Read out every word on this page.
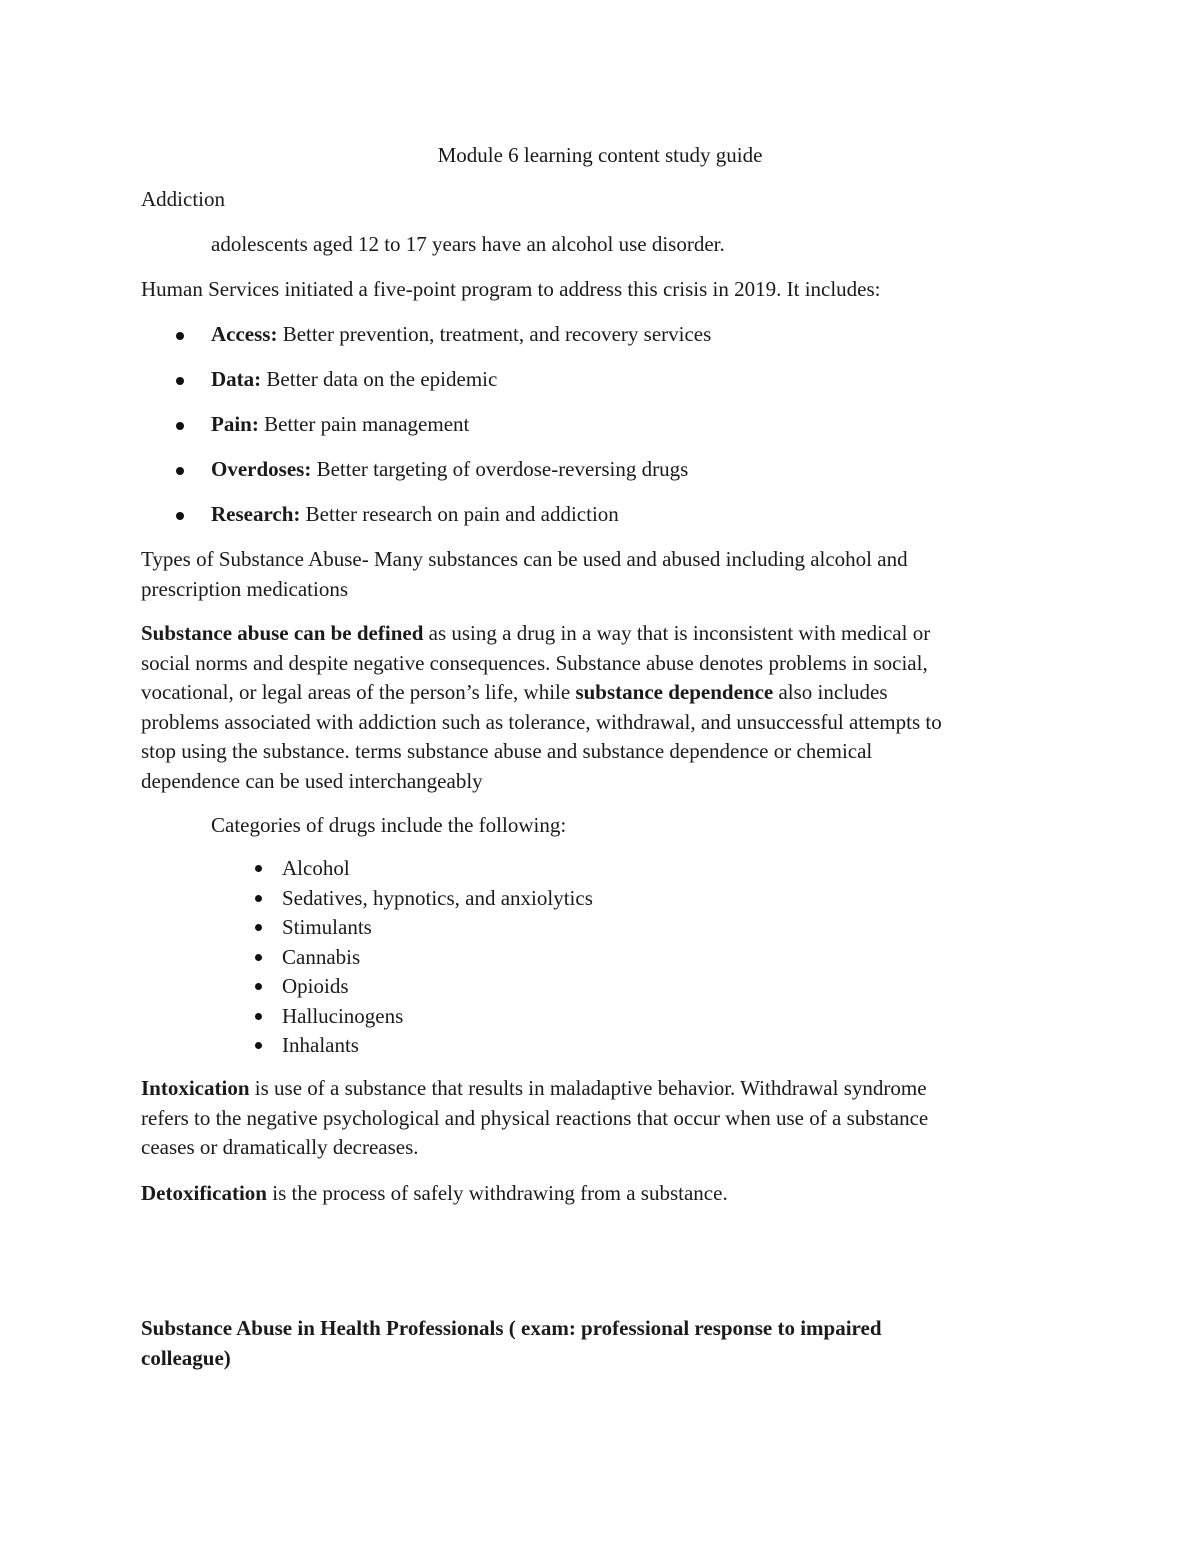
Module 6 learning content study guide

Addiction

adolescents aged 12 to 17 years have an alcohol use disorder.

Human Services initiated a five-point program to address this crisis in 2019. It includes:

Access: Better prevention, treatment, and recovery services
Data: Better data on the epidemic
Pain: Better pain management
Overdoses: Better targeting of overdose-reversing drugs
Research: Better research on pain and addiction

Types of Substance Abuse- Many substances can be used and abused including alcohol and
prescription medications

Substance abuse can be defined as using a drug in a way that is inconsistent with medical or
social norms and despite negative consequences. Substance abuse denotes problems in social,
vocational, or legal areas of the person’s life, while substance dependence also includes
problems associated with addiction such as tolerance, withdrawal, and unsuccessful attempts to
stop using the substance. terms substance abuse and substance dependence or chemical
dependence can be used interchangeably

Categories of drugs include the following:

Alcohol
Sedatives, hypnotics, and anxiolytics
Stimulants
Cannabis
Opioids
Hallucinogens
Inhalants

Intoxication is use of a substance that results in maladaptive behavior. Withdrawal syndrome
refers to the negative psychological and physical reactions that occur when use of a substance
ceases or dramatically decreases.

Detoxification is the process of safely withdrawing from a substance.

Substance Abuse in Health Professionals ( exam: professional response to impaired
colleague)
